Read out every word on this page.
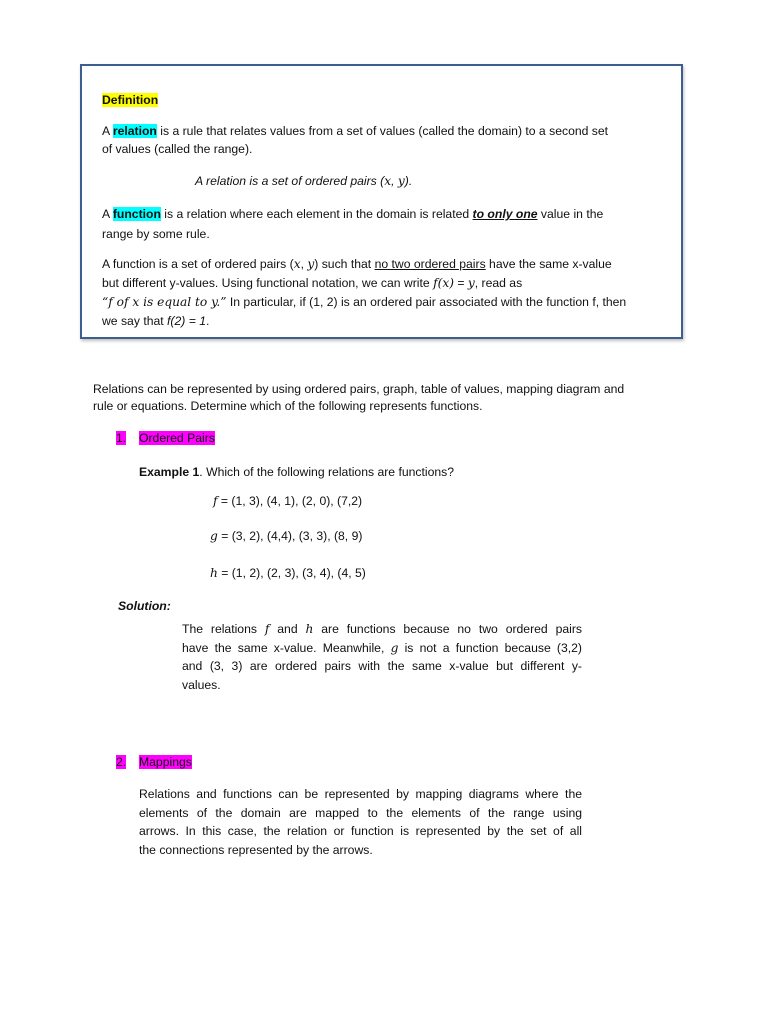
Definition
A relation is a rule that relates values from a set of values (called the domain) to a second set
of values (called the range).
A relation is a set of ordered pairs (x, y).
A function is a relation where each element in the domain is related to only one value in the
range by some rule.
A function is a set of ordered pairs (x, y) such that no two ordered pairs have the same x-value
but different y-values. Using functional notation, we can write f(x) = y, read as
“f of x is equal to y.” In particular, if (1, 2) is an ordered pair associated with the function f, then
we say that f(2) = 1.
Relations can be represented by using ordered pairs, graph, table of values, mapping diagram and
rule or equations. Determine which of the following represents functions.
1. Ordered Pairs
Example 1. Which of the following relations are functions?
f = (1, 3), (4, 1), (2, 0), (7,2)
g = (3, 2), (4,4), (3, 3), (8, 9)
h = (1, 2), (2, 3), (3, 4), (4, 5)
Solution:
The relations f and h are functions because no two ordered pairs
have the same x-value. Meanwhile, g is not a function because (3,2)
and (3, 3) are ordered pairs with the same x-value but different y-
values.
2. Mappings
Relations and functions can be represented by mapping diagrams where the
elements of the domain are mapped to the elements of the range using
arrows. In this case, the relation or function is represented by the set of all
the connections represented by the arrows.
